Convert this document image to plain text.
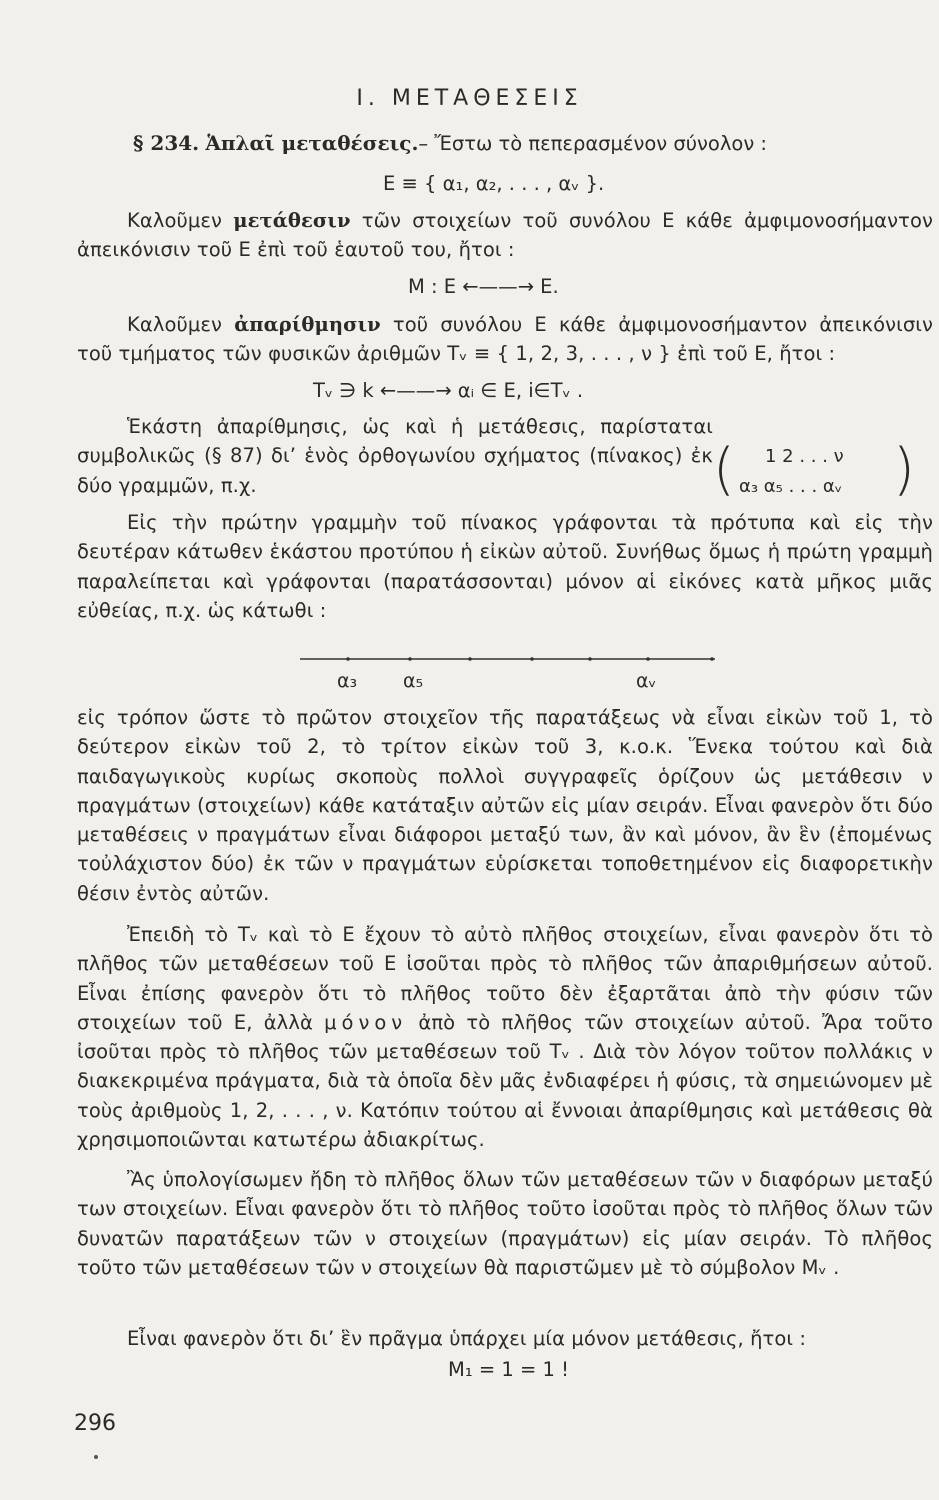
I. ΜΕΤΑΘΕΣΕΙΣ
§ 234. Ἁπλαῖ μεταθέσεις.– Ἔστω τὸ πεπερασμένον σύνολον :
E ≡ { α₁, α₂, . . . , αᵥ }.
Καλοῦμεν μετάθεσιν τῶν στοιχείων τοῦ συνόλου Ε κάθε ἀμφιμονοσήμαντον ἀπεικόνισιν τοῦ Ε ἐπὶ τοῦ ἑαυτοῦ του, ἤτοι :
M : E ←——→ E.
Καλοῦμεν ἀπαρίθμησιν τοῦ συνόλου Ε κάθε ἀμφιμονοσήμαντον ἀπεικόνισιν τοῦ τμήματος τῶν φυσικῶν ἀριθμῶν Tᵥ ≡ { 1, 2, 3, . . . , ν } ἐπὶ τοῦ Ε, ἤτοι :
Tᵥ ∋ k ←——→ αᵢ ∈ E, i∈Tᵥ .
Ἑκάστη ἀπαρίθμησις, ὡς καὶ ἡ μετάθεσις, παρίσταται συμβολικῶς (§ 87) δι’ ἑνὸς ὀρθογωνίου σχήματος (πίνακος) ἐκ δύο γραμμῶν, π.χ.	( 1 2 . . . ν
α₃ α₅ . . . αᵥ )
Εἰς τὴν πρώτην γραμμὴν τοῦ πίνακος γράφονται τὰ πρότυπα καὶ εἰς τὴν δευτέραν κάτωθεν ἑκάστου προτύπου ἡ εἰκὼν αὐτοῦ. Συνήθως ὅμως ἡ πρώτη γραμμὴ παραλείπεται καὶ γράφονται (παρατάσσονται) μόνον αἱ εἰκόνες κατὰ μῆκος μιᾶς εὐθείας, π.χ. ὡς κάτωθι :
α₃ α₅	αᵥ
εἰς τρόπον ὥστε τὸ πρῶτον στοιχεῖον τῆς παρατάξεως νὰ εἶναι εἰκὼν τοῦ 1, τὸ δεύτερον εἰκὼν τοῦ 2, τὸ τρίτον εἰκὼν τοῦ 3, κ.ο.κ. Ἕνεκα τούτου καὶ διὰ παιδαγωγικοὺς κυρίως σκοποὺς πολλοὶ συγγραφεῖς ὁρίζουν ὡς μετάθεσιν ν πραγμάτων (στοιχείων) κάθε κατάταξιν αὐτῶν εἰς μίαν σειράν. Εἶναι φανερὸν ὅτι δύο μεταθέσεις ν πραγμάτων εἶναι διάφοροι μεταξύ των, ἂν καὶ μόνον, ἂν ἓν (ἐπομένως τοὐλάχιστον δύο) ἐκ τῶν ν πραγμάτων εὑρίσκεται τοποθετημένον εἰς διαφορετικὴν θέσιν ἐντὸς αὐτῶν.
Ἐπειδὴ τὸ Tᵥ καὶ τὸ Ε ἔχουν τὸ αὐτὸ πλῆθος στοιχείων, εἶναι φανερὸν ὅτι τὸ πλῆθος τῶν μεταθέσεων τοῦ Ε ἰσοῦται πρὸς τὸ πλῆθος τῶν ἀπαριθμήσεων αὐτοῦ. Εἶναι ἐπίσης φανερὸν ὅτι τὸ πλῆθος τοῦτο δὲν ἐξαρτᾶται ἀπὸ τὴν φύσιν τῶν στοιχείων τοῦ Ε, ἀλλὰ μόνον ἀπὸ τὸ πλῆθος τῶν στοιχείων αὐτοῦ. Ἄρα τοῦτο ἰσοῦται πρὸς τὸ πλῆθος τῶν μεταθέσεων τοῦ Tᵥ . Διὰ τὸν λόγον τοῦτον πολλάκις ν διακεκριμένα πράγματα, διὰ τὰ ὁποῖα δὲν μᾶς ἐνδιαφέρει ἡ φύσις, τὰ σημειώνομεν μὲ τοὺς ἀριθμοὺς 1, 2, . . . , ν. Κατόπιν τούτου αἱ ἔννοιαι ἀπαρίθμησις καὶ μετάθεσις θὰ χρησιμοποιῶνται κατωτέρω ἀδιακρίτως.
Ἂς ὑπολογίσωμεν ἤδη τὸ πλῆθος ὅλων τῶν μεταθέσεων τῶν ν διαφόρων μεταξύ των στοιχείων. Εἶναι φανερὸν ὅτι τὸ πλῆθος τοῦτο ἰσοῦται πρὸς τὸ πλῆθος ὅλων τῶν δυνατῶν παρατάξεων τῶν ν στοιχείων (πραγμάτων) εἰς μίαν σειράν. Τὸ πλῆθος τοῦτο τῶν μεταθέσεων τῶν ν στοιχείων θὰ παριστῶμεν μὲ τὸ σύμβολον Mᵥ .
Εἶναι φανερὸν ὅτι δι’ ἓν πρᾶγμα ὑπάρχει μία μόνον μετάθεσις, ἤτοι :
M₁ = 1 = 1 !
296
